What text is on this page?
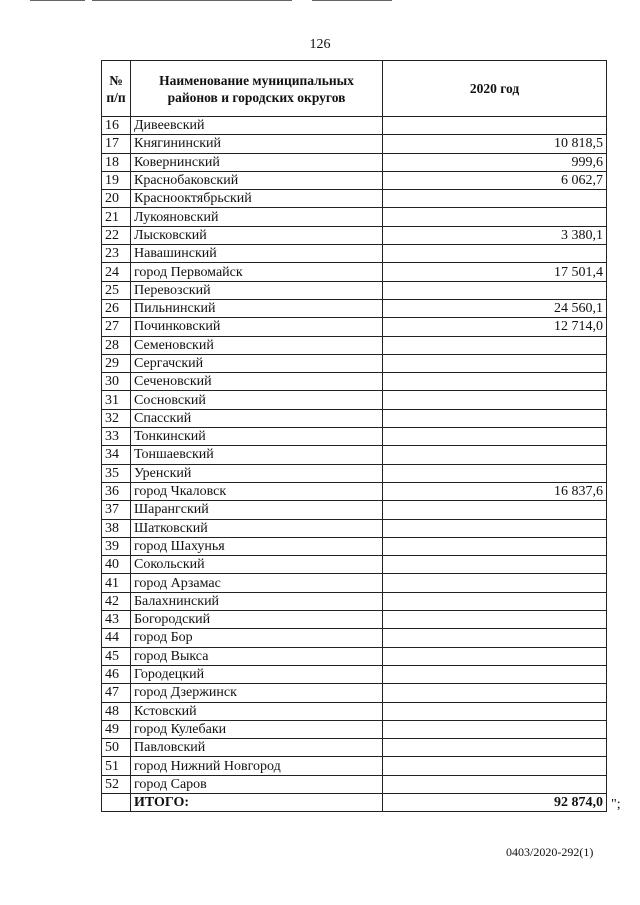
126
№ п/п	Наименование муниципальных районов и городских округов	2020 год
16	Дивеевский	
17	Княгининский	10 818,5
18	Ковернинский	999,6
19	Краснобаковский	6 062,7
20	Краснооктябрьский	
21	Лукояновский	
22	Лысковский	3 380,1
23	Навашинский	
24	город Первомайск	17 501,4
25	Перевозский	
26	Пильнинский	24 560,1
27	Починковский	12 714,0
28	Семеновский	
29	Сергачский	
30	Сеченовский	
31	Сосновский	
32	Спасский	
33	Тонкинский	
34	Тоншаевский	
35	Уренский	
36	город Чкаловск	16 837,6
37	Шарангский	
38	Шатковский	
39	город Шахунья	
40	Сокольский	
41	город Арзамас	
42	Балахнинский	
43	Богородский	
44	город Бор	
45	город Выкса	
46	Городецкий	
47	город Дзержинск	
48	Кстовский	
49	город Кулебаки	
50	Павловский	
51	город Нижний Новгород	
52	город Саров	
	ИТОГО:	92 874,0 ";
0403/2020-292(1)
